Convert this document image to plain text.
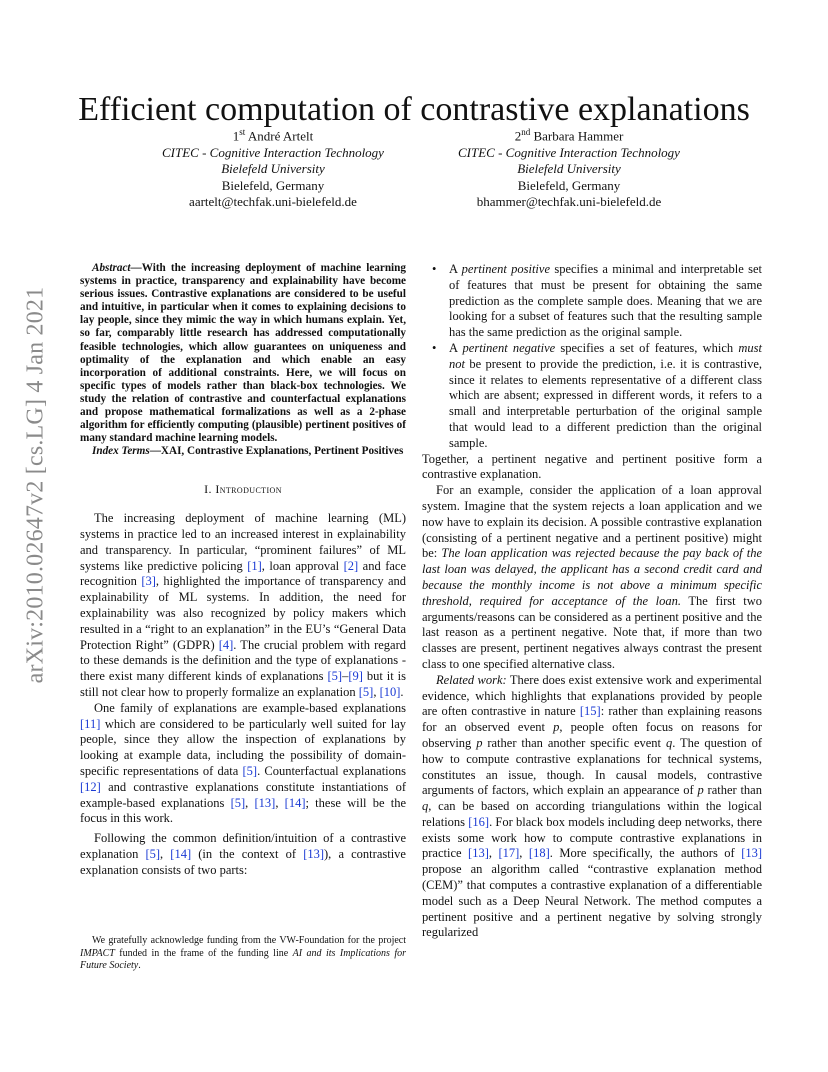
arXiv:2010.02647v2 [cs.LG] 4 Jan 2021
Efficient computation of contrastive explanations
1st André Artelt
CITEC - Cognitive Interaction Technology
Bielefeld University
Bielefeld, Germany
aartelt@techfak.uni-bielefeld.de
2nd Barbara Hammer
CITEC - Cognitive Interaction Technology
Bielefeld University
Bielefeld, Germany
bhammer@techfak.uni-bielefeld.de

Abstract—With the increasing deployment of machine learning systems in practice, transparency and explainability have become serious issues. Contrastive explanations are considered to be useful and intuitive, in particular when it comes to explaining decisions to lay people, since they mimic the way in which humans explain. Yet, so far, comparably little research has addressed computationally feasible technologies, which allow guarantees on uniqueness and optimality of the explanation and which enable an easy incorporation of additional constraints. Here, we will focus on specific types of models rather than black-box technologies. We study the relation of contrastive and counterfactual explanations and propose mathematical formalizations as well as a 2-phase algorithm for efficiently computing (plausible) pertinent positives of many standard machine learning models.

Index Terms—XAI, Contrastive Explanations, Pertinent Positives

I. Introduction

The increasing deployment of machine learning (ML) systems in practice led to an increased interest in explainability and transparency. In particular, “prominent failures” of ML systems like predictive policing [1], loan approval [2] and face recognition [3], highlighted the importance of transparency and explainability of ML systems. In addition, the need for explainability was also recognized by policy makers which resulted in a “right to an explanation” in the EU’s “General Data Protection Right” (GDPR) [4]. The crucial problem with regard to these demands is the definition and the type of explanations - there exist many different kinds of explanations [5]–[9] but it is still not clear how to properly formalize an explanation [5], [10].

One family of explanations are example-based explanations [11] which are considered to be particularly well suited for lay people, since they allow the inspection of explanations by looking at example data, including the possibility of domain-specific representations of data [5]. Counterfactual explanations [12] and contrastive explanations constitute instantiations of example-based explanations [5], [13], [14]; these will be the focus in this work.

Following the common definition/intuition of a contrastive explanation [5], [14] (in the context of [13]), a contrastive explanation consists of two parts:

We gratefully acknowledge funding from the VW-Foundation for the project IMPACT funded in the frame of the funding line AI and its Implications for Future Society.
• A pertinent positive specifies a minimal and interpretable set of features that must be present for obtaining the same prediction as the complete sample does. Meaning that we are looking for a subset of features such that the resulting sample has the same prediction as the original sample.
• A pertinent negative specifies a set of features, which must not be present to provide the prediction, i.e. it is contrastive, since it relates to elements representative of a different class which are absent; expressed in different words, it refers to a small and interpretable perturbation of the original sample that would lead to a different prediction than the original sample.

Together, a pertinent negative and pertinent positive form a contrastive explanation.

For an example, consider the application of a loan approval system. Imagine that the system rejects a loan application and we now have to explain its decision. A possible contrastive explanation (consisting of a pertinent negative and a pertinent positive) might be: The loan application was rejected because the pay back of the last loan was delayed, the applicant has a second credit card and because the monthly income is not above a minimum specific threshold, required for acceptance of the loan. The first two arguments/reasons can be considered as a pertinent positive and the last reason as a pertinent negative. Note that, if more than two classes are present, pertinent negatives always contrast the present class to one specified alternative class.

Related work: There does exist extensive work and experimental evidence, which highlights that explanations provided by people are often contrastive in nature [15]: rather than explaining reasons for an observed event p, people often focus on reasons for observing p rather than another specific event q. The question of how to compute contrastive explanations for technical systems, constitutes an issue, though. In causal models, contrastive arguments of factors, which explain an appearance of p rather than q, can be based on according triangulations within the logical relations [16]. For black box models including deep networks, there exists some work how to compute contrastive explanations in practice [13], [17], [18]. More specifically, the authors of [13] propose an algorithm called “contrastive explanation method (CEM)” that computes a contrastive explanation of a differentiable model such as a Deep Neural Network. The method computes a pertinent positive and a pertinent negative by solving strongly regularized
